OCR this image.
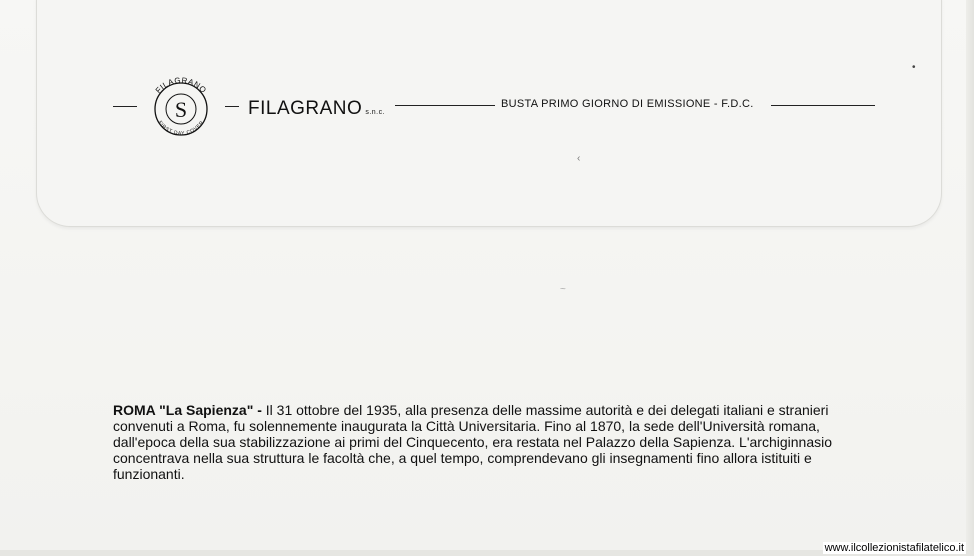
‹
•
~
FILAGRANO
FIRST DAY COVER
S	FILAGRANO s.n.c.
BUSTA PRIMO GIORNO DI EMISSIONE - F.D.C.
ROMA "La Sapienza" - Il 31 ottobre del 1935, alla presenza delle massime autorità e dei delegati italiani e stranieri convenuti a Roma, fu solennemente inaugurata la Città Universitaria. Fino al 1870, la sede dell'Università romana, dall'epoca della sua stabilizzazione ai primi del Cinquecento, era restata nel Palazzo della Sapienza. L'archiginnasio concentrava nella sua struttura le facoltà che, a quel tempo, comprendevano gli insegnamenti fino allora istituiti e funzionanti.
www.ilcollezionistafilatelico.it
